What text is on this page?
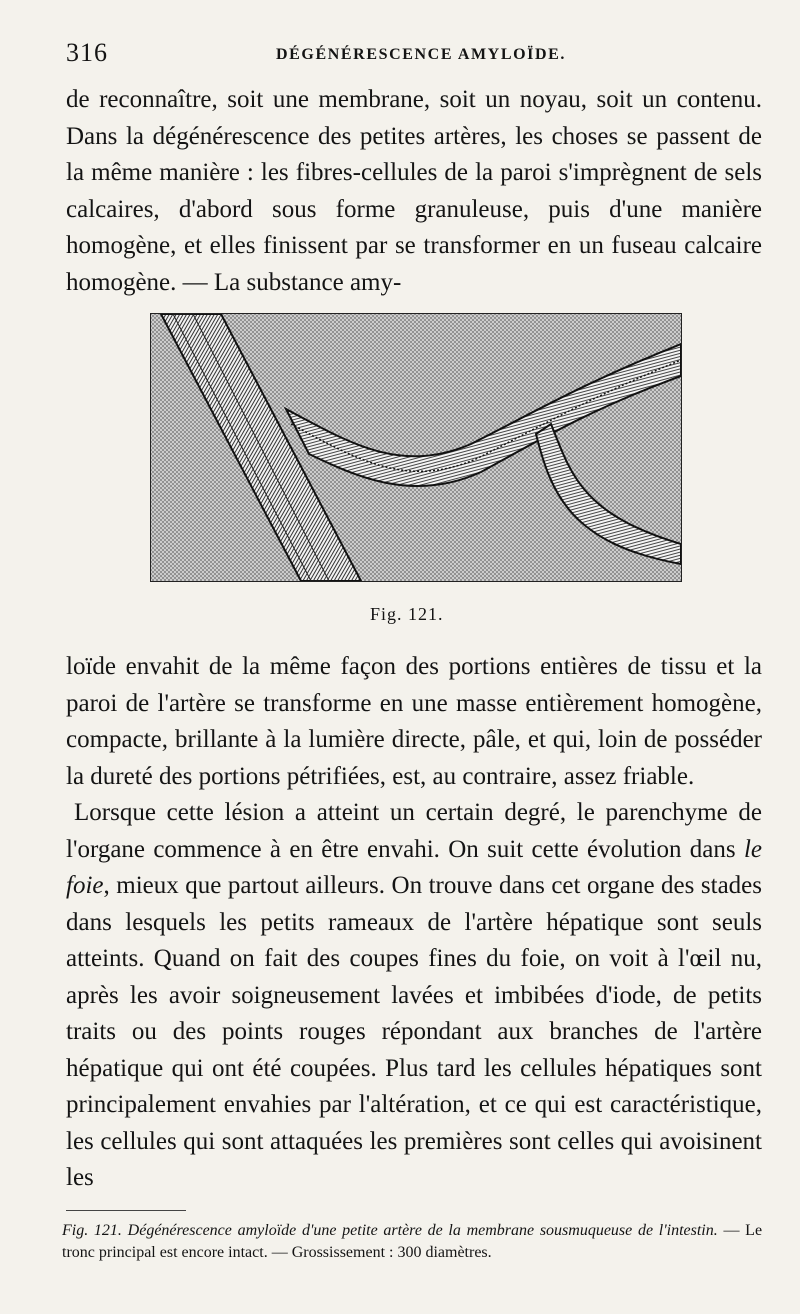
316	DÉGÉNÉRESCENCE AMYLOÏDE.

de reconnaître, soit une membrane, soit un noyau, soit un contenu. Dans la dégénérescence des petites artères, les choses se passent de la même manière : les fibres-cellules de la paroi s'imprègnent de sels calcaires, d'abord sous forme granuleuse, puis d'une manière homogène, et elles finissent par se transformer en un fuseau calcaire homogène. — La substance amy-

Fig. 121.

loïde envahit de la même façon des portions entières de tissu et la paroi de l'artère se transforme en une masse entièrement homogène, compacte, brillante à la lumière directe, pâle, et qui, loin de posséder la dureté des portions pétrifiées, est, au contraire, assez friable.

Lorsque cette lésion a atteint un certain degré, le parenchyme de l'organe commence à en être envahi. On suit cette évolution dans le foie, mieux que partout ailleurs. On trouve dans cet organe des stades dans lesquels les petits rameaux de l'artère hépatique sont seuls atteints. Quand on fait des coupes fines du foie, on voit à l'œil nu, après les avoir soigneusement lavées et imbibées d'iode, de petits traits ou des points rouges répondant aux branches de l'artère hépatique qui ont été coupées. Plus tard les cellules hépatiques sont principalement envahies par l'altération, et ce qui est caractéristique, les cellules qui sont attaquées les premières sont celles qui avoisinent les

Fig. 121. Dégénérescence amyloïde d'une petite artère de la membrane sousmuqueuse de l'intestin. — Le tronc principal est encore intact. — Grossissement : 300 diamètres.
